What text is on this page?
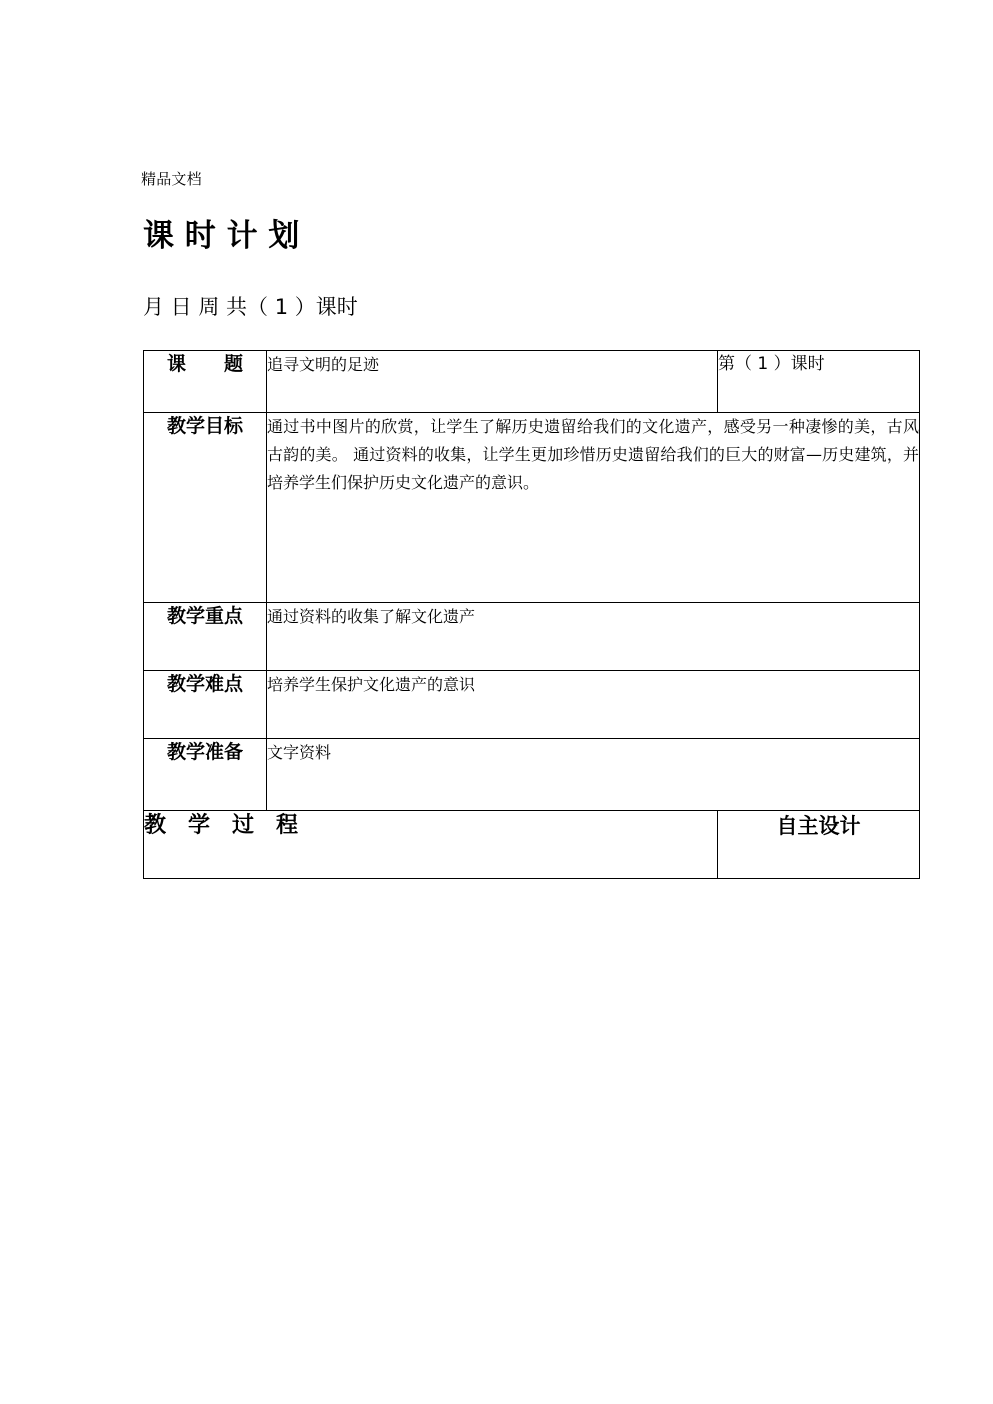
精品文档
课 时 计 划
月 日 周 共（ 1 ）课时
课　　题	追寻文明的足迹	第（ 1 ）课时
教学目标	通过书中图片的欣赏，让学生了解历史遗留给我们的文化遗产，感受另一种凄惨的美，古风古韵的美。 通过资料的收集，让学生更加珍惜历史遗留给我们的巨大的财富—历史建筑，并培养学生们保护历史文化遗产的意识。	
教学重点	通过资料的收集了解文化遗产	
教学难点	培养学生保护文化遗产的意识	
教学准备	文字资料	
教　学　过　程		自主设计
